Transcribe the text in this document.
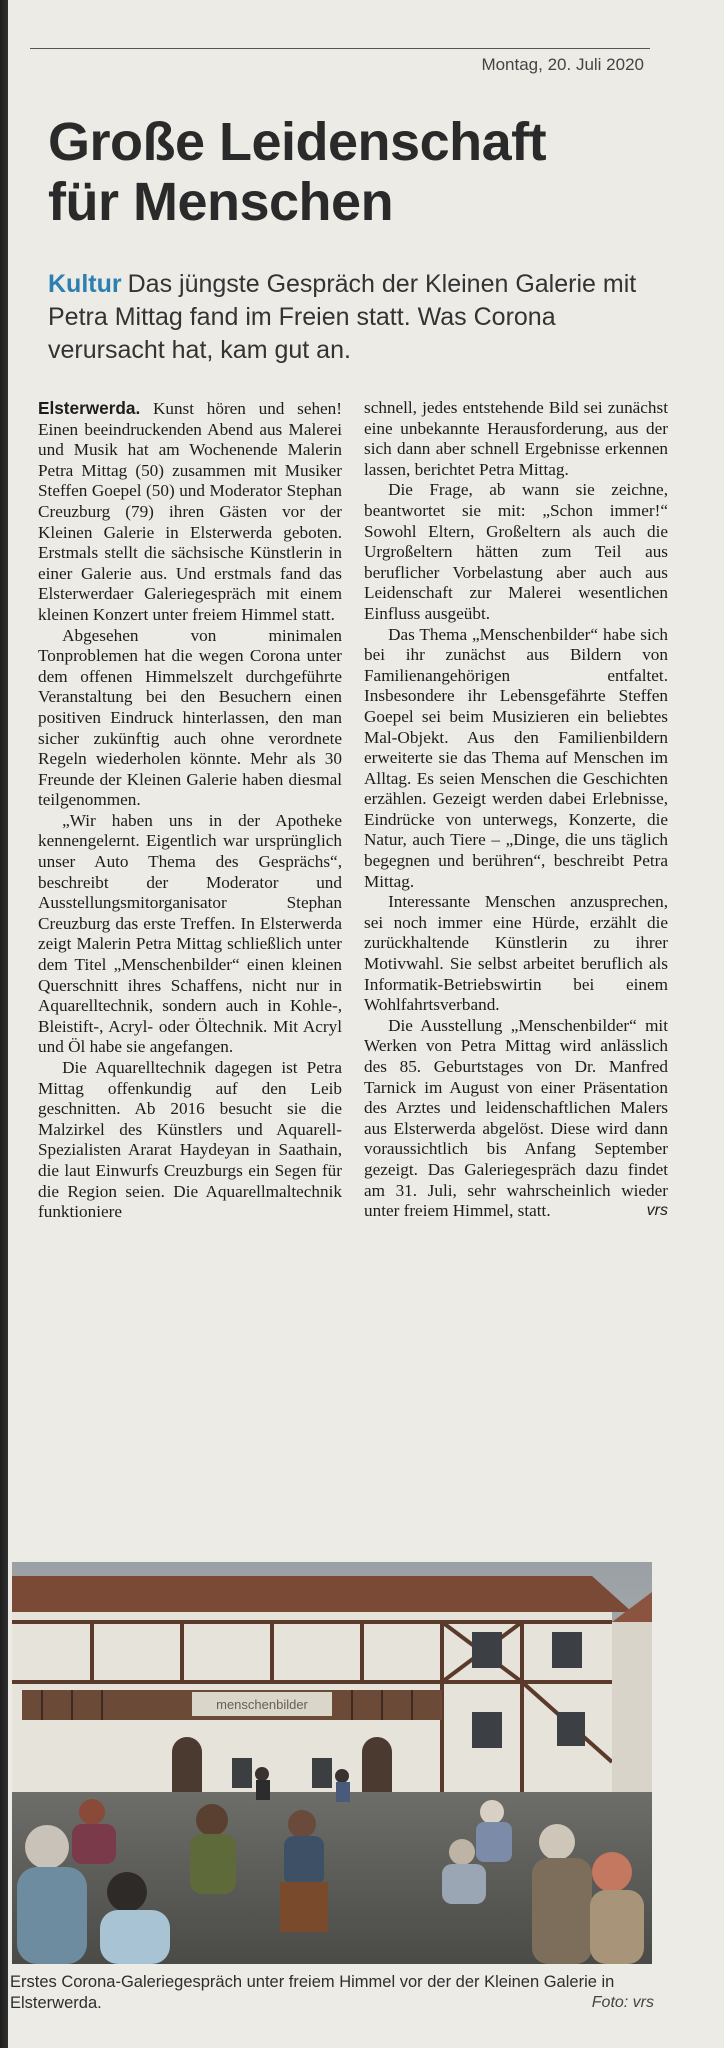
Montag, 20. Juli 2020
Große Leidenschaft
für Menschen
Kultur Das jüngste Gespräch der Kleinen Galerie mit Petra Mittag fand im Freien statt. Was Corona verursacht hat, kam gut an.

Elsterwerda. Kunst hören und sehen! Einen beeindruckenden Abend aus Malerei und Musik hat am Wochenende Malerin Petra Mittag (50) zusammen mit Musiker Steffen Goepel (50) und Moderator Stephan Creuzburg (79) ihren Gästen vor der Kleinen Galerie in Elsterwerda geboten. Erstmals stellt die sächsische Künstlerin in einer Galerie aus. Und erstmals fand das Elsterwerdaer Galeriegespräch mit einem kleinen Konzert unter freiem Himmel statt.

Abgesehen von minimalen Tonproblemen hat die wegen Corona unter dem offenen Himmelszelt durchgeführte Veranstaltung bei den Besuchern einen positiven Eindruck hinterlassen, den man sicher zukünftig auch ohne verordnete Regeln wiederholen könnte. Mehr als 30 Freunde der Kleinen Galerie haben diesmal teilgenommen.

„Wir haben uns in der Apotheke kennengelernt. Eigentlich war ursprünglich unser Auto Thema des Gesprächs“, beschreibt der Moderator und Ausstellungsmitorganisator Stephan Creuzburg das erste Treffen. In Elsterwerda zeigt Malerin Petra Mittag schließlich unter dem Titel „Menschenbilder“ einen kleinen Querschnitt ihres Schaffens, nicht nur in Aquarelltechnik, sondern auch in Kohle-, Bleistift-, Acryl- oder Öltechnik. Mit Acryl und Öl habe sie angefangen.

Die Aquarelltechnik dagegen ist Petra Mittag offenkundig auf den Leib geschnitten. Ab 2016 besucht sie die Malzirkel des Künstlers und Aquarell-Spezialisten Ararat Haydeyan in Saathain, die laut Einwurfs Creuzburgs ein Segen für die Region seien. Die Aquarellmaltechnik funktioniere

schnell, jedes entstehende Bild sei zunächst eine unbekannte Herausforderung, aus der sich dann aber schnell Ergebnisse erkennen lassen, berichtet Petra Mittag.

Die Frage, ab wann sie zeichne, beantwortet sie mit: „Schon immer!“ Sowohl Eltern, Großeltern als auch die Urgroßeltern hätten zum Teil aus beruflicher Vorbelastung aber auch aus Leidenschaft zur Malerei wesentlichen Einfluss ausgeübt.

Das Thema „Menschenbilder“ habe sich bei ihr zunächst aus Bildern von Familienangehörigen entfaltet. Insbesondere ihr Lebensgefährte Steffen Goepel sei beim Musizieren ein beliebtes Mal-Objekt. Aus den Familienbildern erweiterte sie das Thema auf Menschen im Alltag. Es seien Menschen die Geschichten erzählen. Gezeigt werden dabei Erlebnisse, Eindrücke von unterwegs, Konzerte, die Natur, auch Tiere – „Dinge, die uns täglich begegnen und berühren“, beschreibt Petra Mittag.

Interessante Menschen anzusprechen, sei noch immer eine Hürde, erzählt die zurückhaltende Künstlerin zu ihrer Motivwahl. Sie selbst arbeitet beruflich als Informatik-Betriebswirtin bei einem Wohlfahrtsverband.

Die Ausstellung „Menschenbilder“ mit Werken von Petra Mittag wird anlässlich des 85. Geburtstages von Dr. Manfred Tarnick im August von einer Präsentation des Arztes und leidenschaftlichen Malers aus Elsterwerda abgelöst. Diese wird dann voraussichtlich bis Anfang September gezeigt. Das Galeriegespräch dazu findet am 31. Juli, sehr wahrscheinlich wieder unter freiem Himmel, statt.	vrs

menschenbilder
Erstes Corona-Galeriegespräch unter freiem Himmel vor der der Kleinen Galerie in Elsterwerda.	Foto: vrs
